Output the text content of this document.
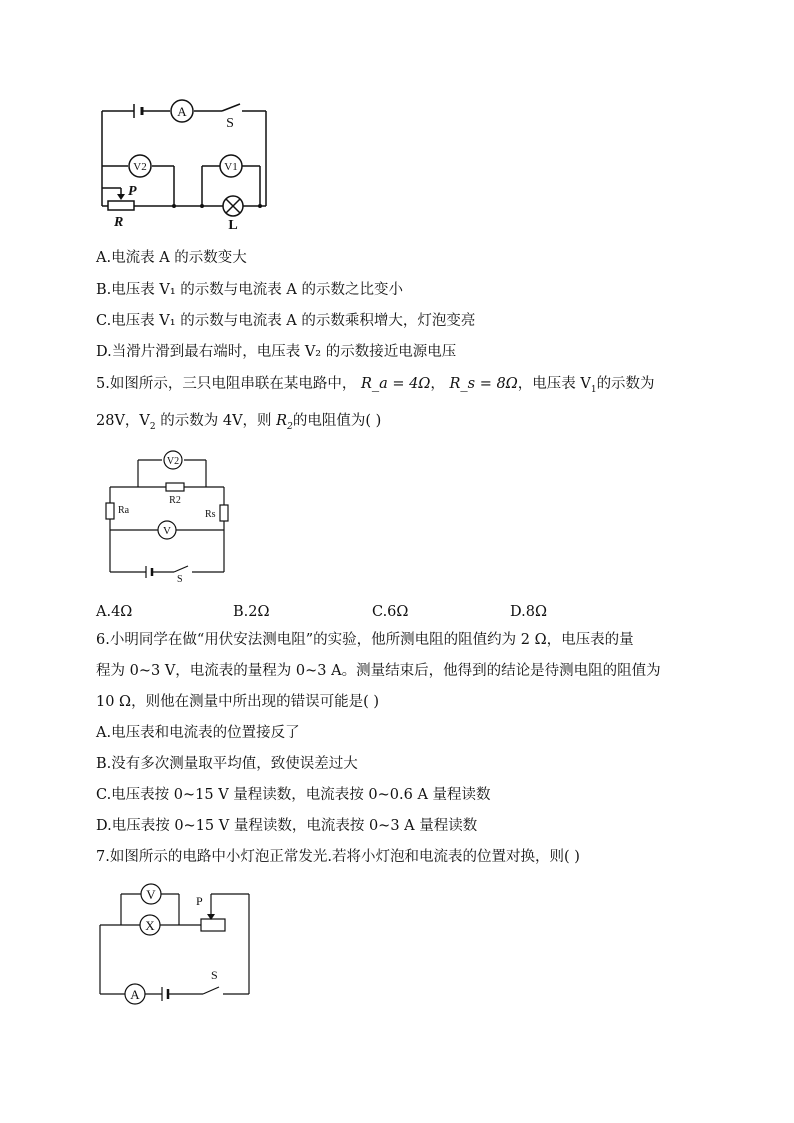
A
S
V2	V1
P
R	L
A.电流表 A 的示数变大
B.电压表 V₁ 的示数与电流表 A 的示数之比变小
C.电压表 V₁ 的示数与电流表 A 的示数乘积增大，灯泡变亮
D.当滑片滑到最右端时，电压表 V₂ 的示数接近电源电压
5.如图所示，三只电阻串联在某电路中， R_a = 4Ω， R_s = 8Ω，电压表 $V_1$的示数为
28V，$V_2$ 的示数为 4V，则 $R_2$的电阻值为( )
V2
R2
Ra	Rs
V
S
A.4Ω	B.2Ω	C.6Ω	D.8Ω
6.小明同学在做“用伏安法测电阻”的实验，他所测电阻的阻值约为 2 Ω，电压表的量
程为 0~3 V，电流表的量程为 0~3 A。测量结束后，他得到的结论是待测电阻的阻值为
10 Ω，则他在测量中所出现的错误可能是( )
A.电压表和电流表的位置接反了
B.没有多次测量取平均值，致使误差过大
C.电压表按 0~15 V 量程读数，电流表按 0~0.6 A 量程读数
D.电压表按 0~15 V 量程读数，电流表按 0~3 A 量程读数
7.如图所示的电路中小灯泡正常发光.若将小灯泡和电流表的位置对换，则( )
V
X
P
A
S
